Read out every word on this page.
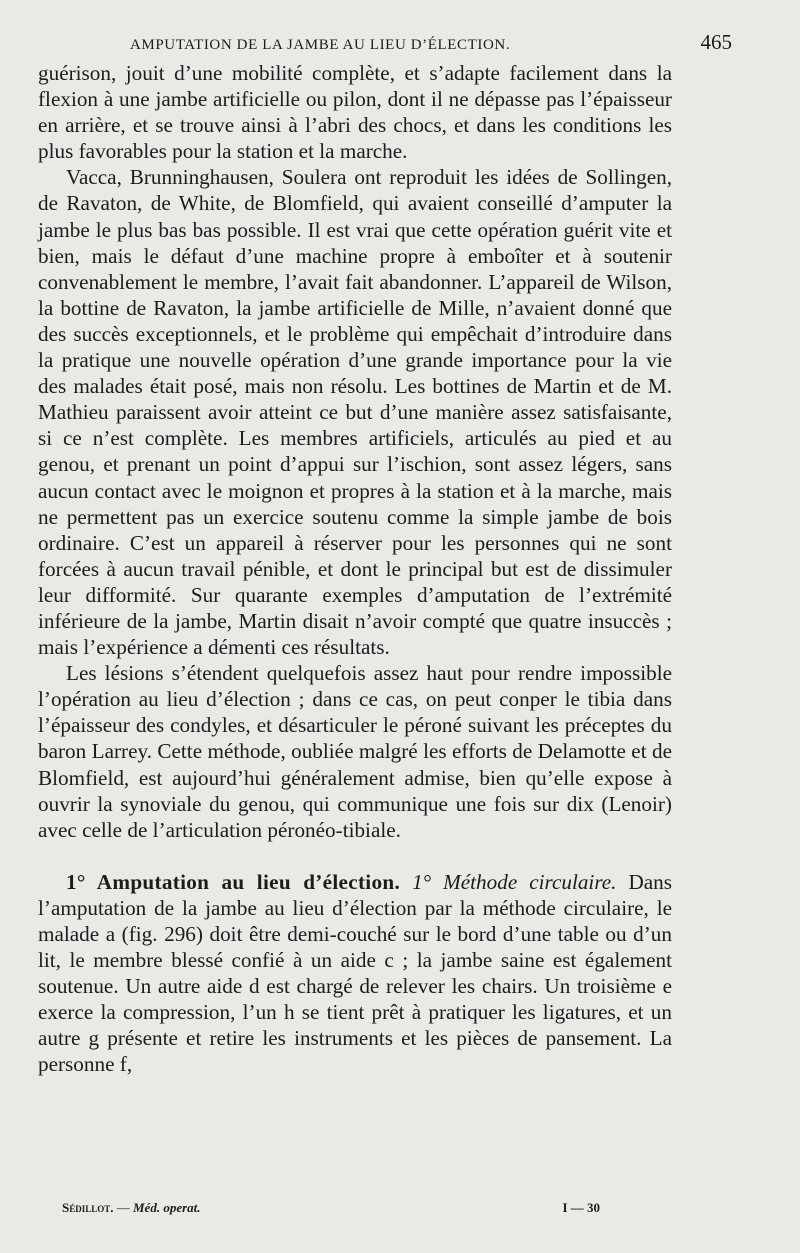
AMPUTATION DE LA JAMBE AU LIEU D’ÉLECTION.	465

guérison, jouit d’une mobilité complète, et s’adapte facilement dans la flexion à une jambe artificielle ou pilon, dont il ne dépasse pas l’épaisseur en arrière, et se trouve ainsi à l’abri des chocs, et dans les conditions les plus favorables pour la station et la marche.

Vacca, Brunninghausen, Soulera ont reproduit les idées de Sollingen, de Ravaton, de White, de Blomfield, qui avaient conseillé d’amputer la jambe le plus bas bas possible. Il est vrai que cette opération guérit vite et bien, mais le défaut d’une machine propre à emboîter et à soutenir convenablement le membre, l’avait fait abandonner. L’appareil de Wilson, la bottine de Ravaton, la jambe artificielle de Mille, n’avaient donné que des succès exceptionnels, et le problème qui empêchait d’introduire dans la pratique une nouvelle opération d’une grande importance pour la vie des malades était posé, mais non résolu. Les bottines de Martin et de M. Mathieu paraissent avoir atteint ce but d’une manière assez satisfaisante, si ce n’est complète. Les membres artificiels, articulés au pied et au genou, et prenant un point d’appui sur l’ischion, sont assez légers, sans aucun contact avec le moignon et propres à la station et à la marche, mais ne permettent pas un exercice soutenu comme la simple jambe de bois ordinaire. C’est un appareil à réserver pour les personnes qui ne sont forcées à aucun travail pénible, et dont le principal but est de dissimuler leur difformité. Sur quarante exemples d’amputation de l’extrémité inférieure de la jambe, Martin disait n’avoir compté que quatre insuccès ; mais l’expérience a démenti ces résultats.

Les lésions s’étendent quelquefois assez haut pour rendre impossible l’opération au lieu d’élection ; dans ce cas, on peut conper le tibia dans l’épaisseur des condyles, et désarticuler le péroné suivant les préceptes du baron Larrey. Cette méthode, oubliée malgré les efforts de Delamotte et de Blomfield, est aujourd’hui généralement admise, bien qu’elle expose à ouvrir la synoviale du genou, qui communique une fois sur dix (Lenoir) avec celle de l’articulation péronéo-tibiale.

1° Amputation au lieu d’élection. 1° Méthode circulaire. Dans l’amputation de la jambe au lieu d’élection par la méthode circulaire, le malade a (fig. 296) doit être demi-couché sur le bord d’une table ou d’un lit, le membre blessé confié à un aide c ; la jambe saine est également soutenue. Un autre aide d est chargé de relever les chairs. Un troisième e exerce la compression, l’un h se tient prêt à pratiquer les ligatures, et un autre g présente et retire les instruments et les pièces de pansement. La personne f,

Sédillot. — Méd. operat.	I — 30
